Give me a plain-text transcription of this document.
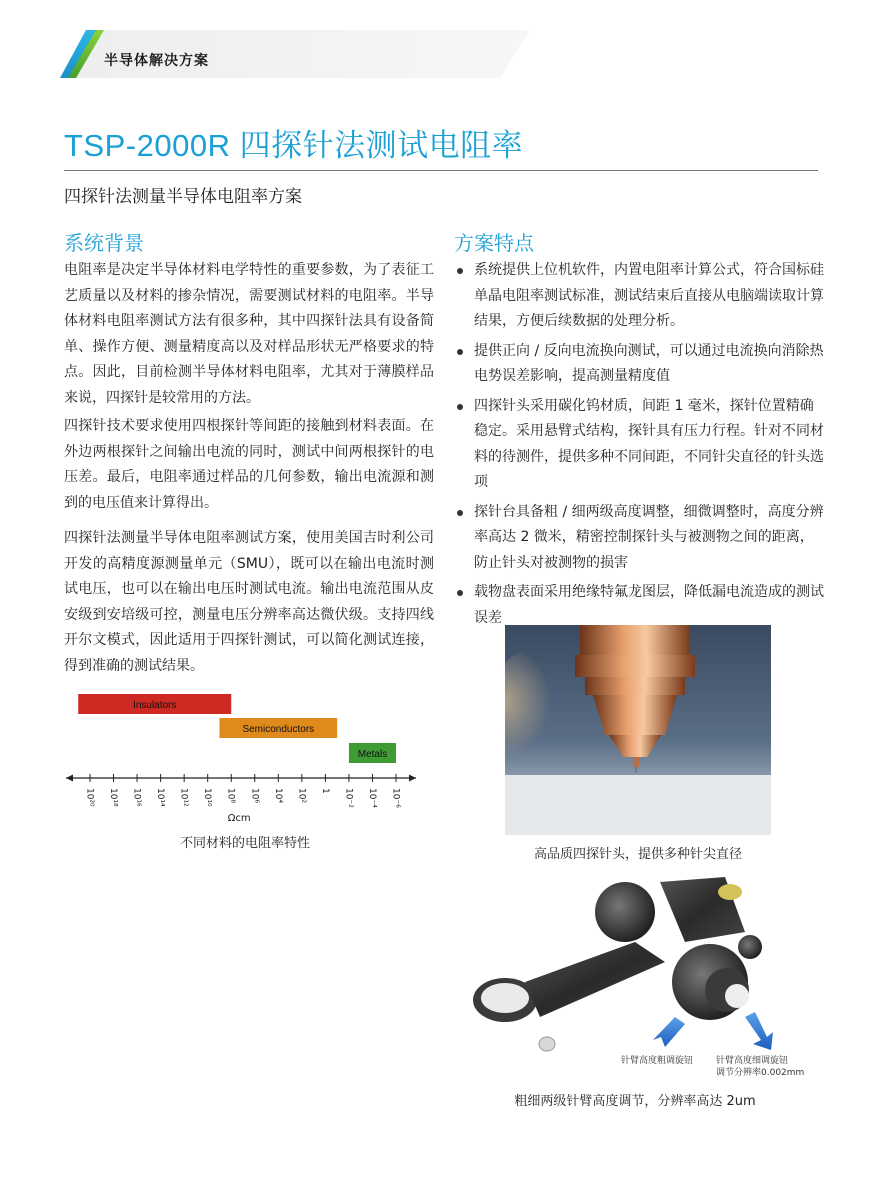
半导体解决方案
TSP-2000R 四探针法测试电阻率
四探针法测量半导体电阻率方案
系统背景
电阻率是决定半导体材料电学特性的重要参数，为了表征工艺质量以及材料的掺杂情况，需要测试材料的电阻率。半导体材料电阻率测试方法有很多种，其中四探针法具有设备简单、操作方便、测量精度高以及对样品形状无严格要求的特点。因此，目前检测半导体材料电阻率，尤其对于薄膜样品来说，四探针是较常用的方法。
四探针技术要求使用四根探针等间距的接触到材料表面。在外边两根探针之间输出电流的同时，测试中间两根探针的电压差。最后，电阻率通过样品的几何参数，输出电流源和测到的电压值来计算得出。
四探针法测量半导体电阻率测试方案，使用美国吉时利公司开发的高精度源测量单元（SMU），既可以在输出电流时测试电压，也可以在输出电压时测试电流。输出电流范围从皮安级到安培级可控，测量电压分辨率高达微伏级。支持四线开尔文模式，因此适用于四探针测试，可以简化测试连接，得到准确的测试结果。
Insulators
Semiconductors
Metals
10²⁰ 10¹⁸ 10¹⁶ 10¹⁴ 10¹² 10¹⁰ 10⁸ 10⁶ 10⁴ 10² 1 10⁻² 10⁻⁴ 10⁻⁶
Ωcm
不同材料的电阻率特性
方案特点
系统提供上位机软件，内置电阻率计算公式，符合国标硅单晶电阻率测试标准，测试结束后直接从电脑端读取计算结果，方便后续数据的处理分析。
提供正向 / 反向电流换向测试，可以通过电流换向消除热电势误差影响，提高测量精度值
四探针头采用碳化钨材质，间距 1 毫米，探针位置精确稳定。采用悬臂式结构，探针具有压力行程。针对不同材料的待测件，提供多种不同间距，不同针尖直径的针头选项
探针台具备粗 / 细两级高度调整，细微调整时，高度分辨率高达 2 微米，精密控制探针头与被测物之间的距离，防止针头对被测物的损害
载物盘表面采用绝缘特氟龙图层，降低漏电流造成的测试误差
高品质四探针头，提供多种针尖直径
针臂高度粗调旋钮	针臂高度细调旋钮
调节分辨率0.002mm
粗细两级针臂高度调节，分辨率高达 2um
